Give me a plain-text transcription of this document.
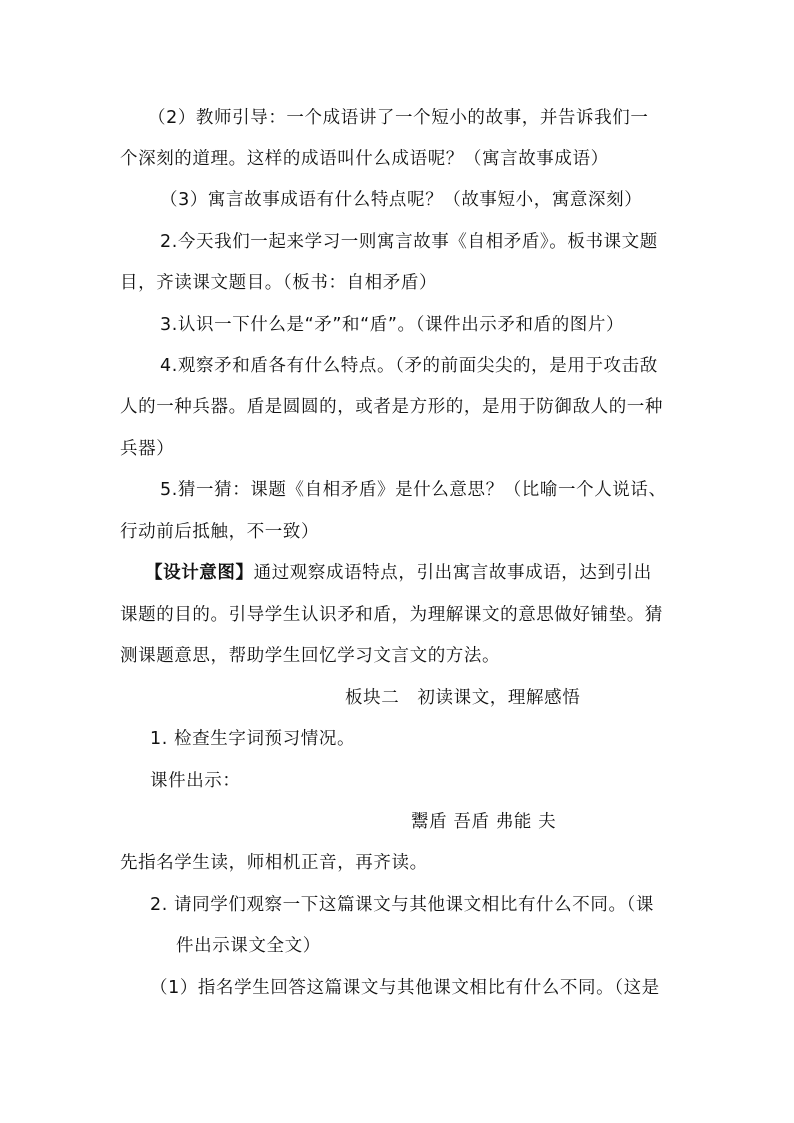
（2）教师引导：一个成语讲了一个短小的故事，并告诉我们一
个深刻的道理。这样的成语叫什么成语呢？（寓言故事成语）
（3）寓言故事成语有什么特点呢？（故事短小，寓意深刻）
2.今天我们一起来学习一则寓言故事《自相矛盾》。板书课文题
目，齐读课文题目。（板书：自相矛盾）
3.认识一下什么是“矛”和“盾”。（课件出示矛和盾的图片）
4.观察矛和盾各有什么特点。（矛的前面尖尖的，是用于攻击敌
人的一种兵器。盾是圆圆的，或者是方形的，是用于防御敌人的一种
兵器）
5.猜一猜：课题《自相矛盾》是什么意思？（比喻一个人说话、
行动前后抵触，不一致）
【设计意图】通过观察成语特点，引出寓言故事成语，达到引出
课题的目的。引导学生认识矛和盾，为理解课文的意思做好铺垫。猜
测课题意思，帮助学生回忆学习文言文的方法。
板块二　初读课文，理解感悟
1. 检查生字词预习情况。
课件出示：
鬻盾 吾盾 弗能 夫
先指名学生读，师相机正音，再齐读。
2. 请同学们观察一下这篇课文与其他课文相比有什么不同。（课
件出示课文全文）
（1）指名学生回答这篇课文与其他课文相比有什么不同。（这是
